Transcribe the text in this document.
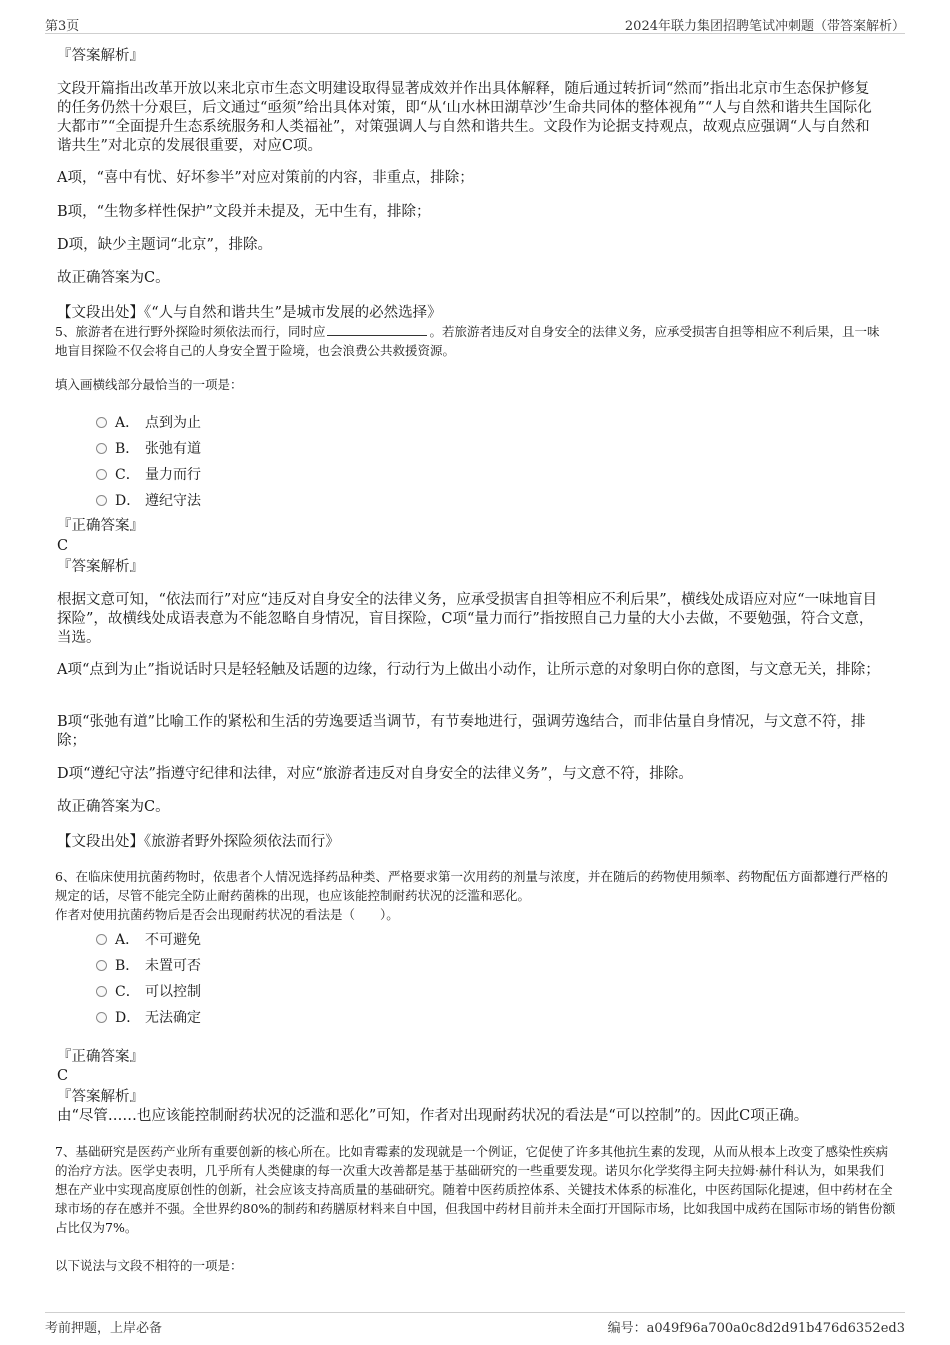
第3页	2024年联力集团招聘笔试冲刺题（带答案解析）
『答案解析』
文段开篇指出改革开放以来北京市生态文明建设取得显著成效并作出具体解释，随后通过转折词“然而”指出北京市生态保护修复的任务仍然十分艰巨，后文通过“亟须”给出具体对策，即“从‘山水林田湖草沙’生命共同体的整体视角”“人与自然和谐共生国际化大都市”“全面提升生态系统服务和人类福祉”，对策强调人与自然和谐共生。文段作为论据支持观点，故观点应强调“人与自然和谐共生”对北京的发展很重要，对应C项。
A项，“喜中有忧、好坏参半”对应对策前的内容，非重点，排除；
B项，“生物多样性保护”文段并未提及，无中生有，排除；
D项，缺少主题词“北京”，排除。
故正确答案为C。
【文段出处】《“人与自然和谐共生”是城市发展的必然选择》
5、旅游者在进行野外探险时须依法而行，同时应	。若旅游者违反对自身安全的法律义务，应承受损害自担等相应不利后果，且一味地盲目探险不仅会将自己的人身安全置于险境，也会浪费公共救援资源。
填入画横线部分最恰当的一项是：
A． 点到为止
B． 张弛有道
C． 量力而行
D． 遵纪守法
『正确答案』
C
『答案解析』
根据文意可知，“依法而行”对应“违反对自身安全的法律义务，应承受损害自担等相应不利后果”，横线处成语应对应“一味地盲目探险”，故横线处成语表意为不能忽略自身情况，盲目探险，C项“量力而行”指按照自己力量的大小去做，不要勉强，符合文意，当选。
A项“点到为止”指说话时只是轻轻触及话题的边缘，行动行为上做出小动作，让所示意的对象明白你的意图，与文意无关，排除；
B项“张弛有道”比喻工作的紧松和生活的劳逸要适当调节，有节奏地进行，强调劳逸结合，而非估量自身情况，与文意不符，排除；
D项“遵纪守法”指遵守纪律和法律，对应“旅游者违反对自身安全的法律义务”，与文意不符，排除。
故正确答案为C。
【文段出处】《旅游者野外探险须依法而行》
6、在临床使用抗菌药物时，依患者个人情况选择药品种类、严格要求第一次用药的剂量与浓度，并在随后的药物使用频率、药物配伍方面都遵行严格的规定的话，尽管不能完全防止耐药菌株的出现，也应该能控制耐药状况的泛滥和恶化。
作者对使用抗菌药物后是否会出现耐药状况的看法是（　　）。
A． 不可避免
B． 未置可否
C． 可以控制
D． 无法确定
『正确答案』
C
『答案解析』
由“尽管……也应该能控制耐药状况的泛滥和恶化”可知，作者对出现耐药状况的看法是“可以控制”的。因此C项正确。
7、基础研究是医药产业所有重要创新的核心所在。比如青霉素的发现就是一个例证，它促使了许多其他抗生素的发现，从而从根本上改变了感染性疾病的治疗方法。医学史表明，几乎所有人类健康的每一次重大改善都是基于基础研究的一些重要发现。诺贝尔化学奖得主阿夫拉姆·赫什科认为，如果我们想在产业中实现高度原创性的创新，社会应该支持高质量的基础研究。随着中医药质控体系、关键技术体系的标准化，中医药国际化提速，但中药材在全球市场的存在感并不强。全世界约80%的制药和药膳原材料来自中国，但我国中药材目前并未全面打开国际市场，比如我国中成药在国际市场的销售份额占比仅为7%。
以下说法与文段不相符的一项是：
考前押题，上岸必备	编号：a049f96a700a0c8d2d91b476d6352ed3
